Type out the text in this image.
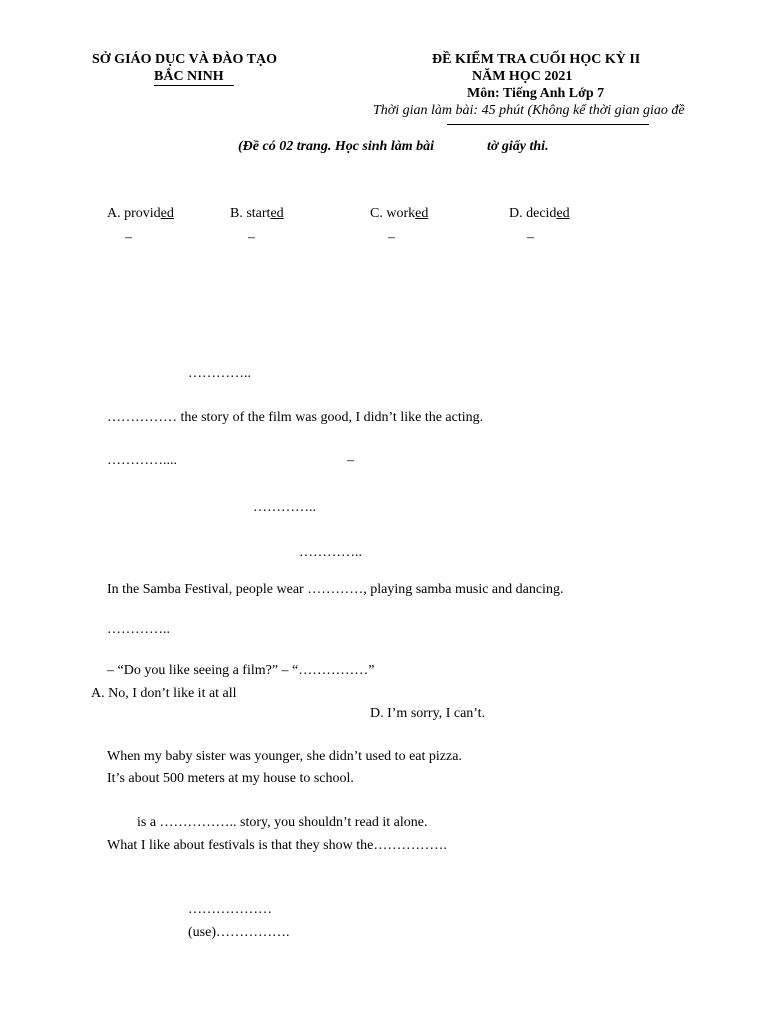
SỞ GIÁO DỤC VÀ ĐÀO TẠO
BẮC NINH
ĐỀ KIỂM TRA CUỐI HỌC KỲ II
NĂM HỌC 2021
Môn: Tiếng Anh Lớp 7
Thời gian làm bài: 45 phút (Không kể thời gian giao đề
(Đề có 02 trang. Học sinh làm bài	tờ giấy thi.
A. provided	B. started	C. worked	D. decided
–	–	–	–
…………..
…………… the story of the film was good, I didn’t like the acting.
…………....	–
…………..
…………..
In the Samba Festival, people wear …………, playing samba music and dancing.
…………..
– “Do you like seeing a film?” – “……………”
A. No, I don’t like it at all
D. I’m sorry, I can’t.
When my baby sister was younger, she didn’t used to eat pizza.
It’s about 500 meters at my house to school.
is a …………….. story, you shouldn’t read it alone.
What I like about festivals is that they show the…………….
………………
(use)…………….
